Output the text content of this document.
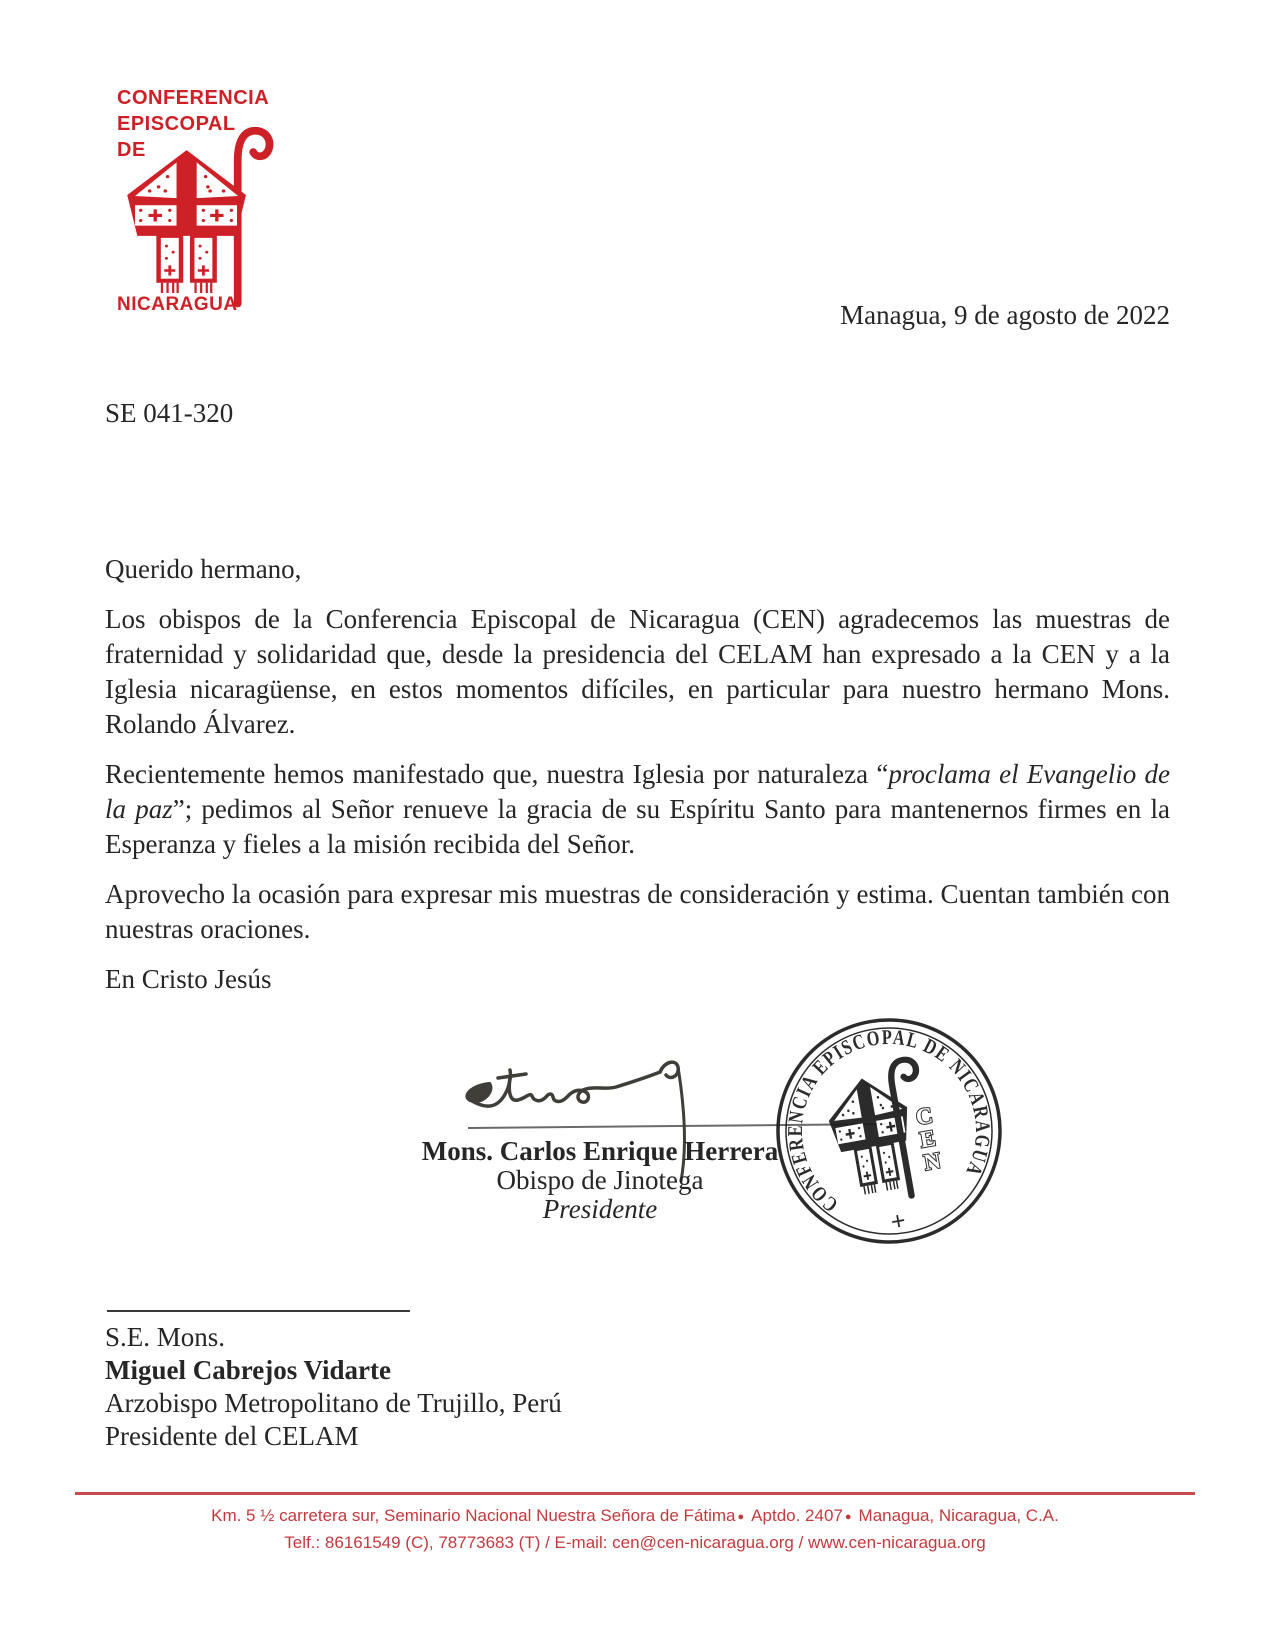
CONFERENCIA
EPISCOPAL
DE
NICARAGUA	Managua, 9 de agosto de 2022
SE 041-320

Querido hermano,

Los obispos de la Conferencia Episcopal de Nicaragua (CEN) agradecemos las muestras de fraternidad y solidaridad que, desde la presidencia del CELAM han expresado a la CEN y a la Iglesia nicaragüense, en estos momentos difíciles, en particular para nuestro hermano Mons. Rolando Álvarez.

Recientemente hemos manifestado que, nuestra Iglesia por naturaleza “proclama el Evangelio de la paz”; pedimos al Señor renueve la gracia de su Espíritu Santo para mantenernos firmes en la Esperanza y fieles a la misión recibida del Señor.

Aprovecho la ocasión para expresar mis muestras de consideración y estima. Cuentan también con nuestras oraciones.

En Cristo Jesús

Mons. Carlos Enrique Herrera
Obispo de Jinotega
Presidente	CONFERENCIA EPISCOPAL DE NICARAGUA
+
C
E
N
S.E. Mons.
Miguel Cabrejos Vidarte
Arzobispo Metropolitano de Trujillo, Perú
Presidente del CELAM
Km. 5 ½ carretera sur, Seminario Nacional Nuestra Señora de Fátima ● Aptdo. 2407 ● Managua, Nicaragua, C.A.
Telf.: 86161549 (C), 78773683 (T) / E-mail: cen@cen-nicaragua.org / www.cen-nicaragua.org
